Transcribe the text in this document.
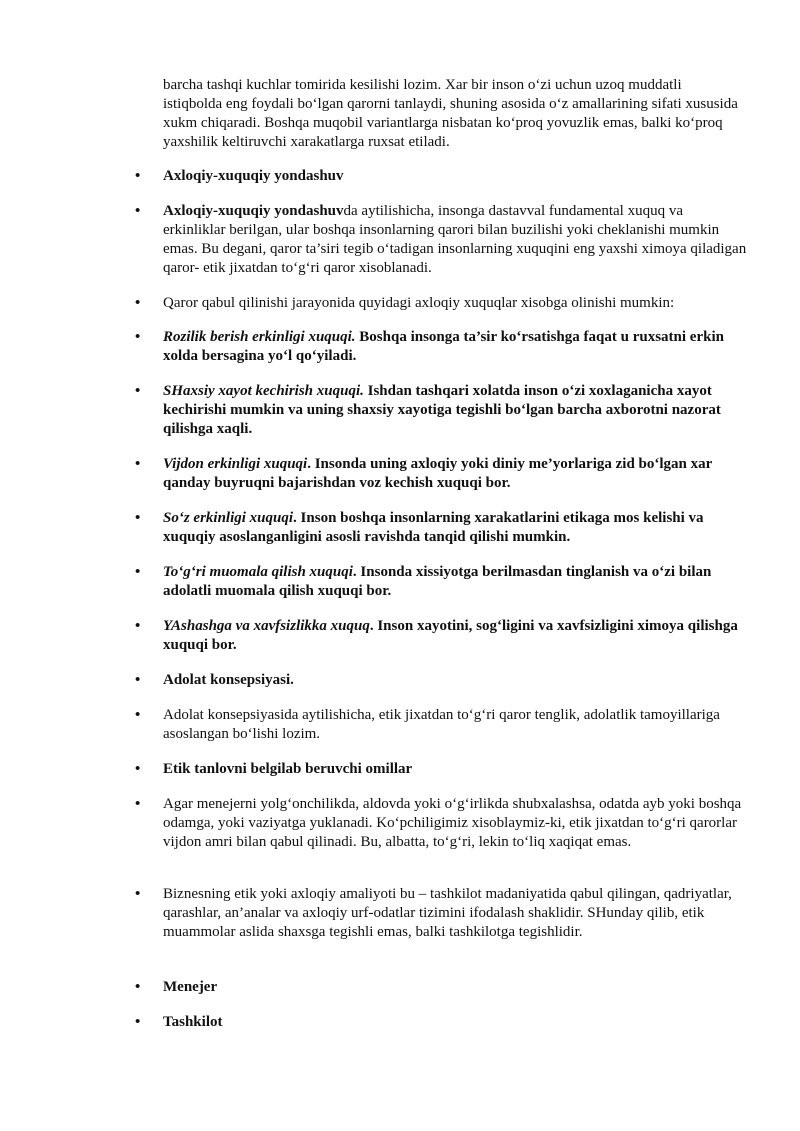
barcha tashqi kuchlar tomirida kesilishi lozim. Xar bir inson o‘zi uchun uzoq muddatli istiqbolda eng foydali bo‘lgan qarorni tanlaydi, shuning asosida o‘z amallarining sifati xususida xukm chiqaradi. Boshqa muqobil variantlarga nisbatan ko‘proq yovuzlik emas, balki ko‘proq yaxshilik keltiruvchi xarakatlarga ruxsat etiladi.

•	Axloqiy-xuquqiy yondashuv
•	Axloqiy-xuquqiy yondashuvda aytilishicha, insonga dastavval fundamental xuquq va erkinliklar berilgan, ular boshqa insonlarning qarori bilan buzilishi yoki cheklanishi mumkin emas. Bu degani, qaror ta’siri tegib o‘tadigan insonlarning xuquqini eng yaxshi ximoya qiladigan qaror- etik jixatdan to‘g‘ri qaror xisoblanadi.
•	Qaror qabul qilinishi jarayonida quyidagi axloqiy xuquqlar xisobga olinishi mumkin:
•	Rozilik berish erkinligi xuquqi. Boshqa insonga ta’sir ko‘rsatishga faqat u ruxsatni erkin xolda bersagina yo‘l qo‘yiladi.
•	SHaxsiy xayot kechirish xuquqi. Ishdan tashqari xolatda inson o‘zi xoxlaganicha xayot kechirishi mumkin va uning shaxsiy xayotiga tegishli bo‘lgan barcha axborotni nazorat qilishga xaqli.
•	Vijdon erkinligi xuquqi. Insonda uning axloqiy yoki diniy me’yorlariga zid bo‘lgan xar qanday buyruqni bajarishdan voz kechish xuquqi bor.
•	So‘z erkinligi xuquqi. Inson boshqa insonlarning xarakatlarini etikaga mos kelishi va xuquqiy asoslanganligini asosli ravishda tanqid qilishi mumkin.
•	To‘g‘ri muomala qilish xuquqi. Insonda xissiyotga berilmasdan tinglanish va o‘zi bilan adolatli muomala qilish xuquqi bor.
•	YAshashga va xavfsizlikka xuquq. Inson xayotini, sog‘ligini va xavfsizligini ximoya qilishga xuquqi bor.
•	Adolat konsepsiyasi.
•	Adolat konsepsiyasida aytilishicha, etik jixatdan to‘g‘ri qaror tenglik, adolatlik tamoyillariga asoslangan bo‘lishi lozim.
•	Etik tanlovni belgilab beruvchi omillar
•	Agar menejerni yolg‘onchilikda, aldovda yoki o‘g‘irlikda shubxalashsa, odatda ayb yoki boshqa odamga, yoki vaziyatga yuklanadi. Ko‘pchiligimiz xisoblaymiz-ki, etik jixatdan to‘g‘ri qarorlar vijdon amri bilan qabul qilinadi. Bu, albatta, to‘g‘ri, lekin to‘liq xaqiqat emas.
•	Biznesning etik yoki axloqiy amaliyoti bu – tashkilot madaniyatida qabul qilingan, qadriyatlar, qarashlar, an’analar va axloqiy urf-odatlar tizimini ifodalash shaklidir. SHunday qilib, etik muammolar aslida shaxsga tegishli emas, balki tashkilotga tegishlidir.
•	Menejer
•	Tashkilot
